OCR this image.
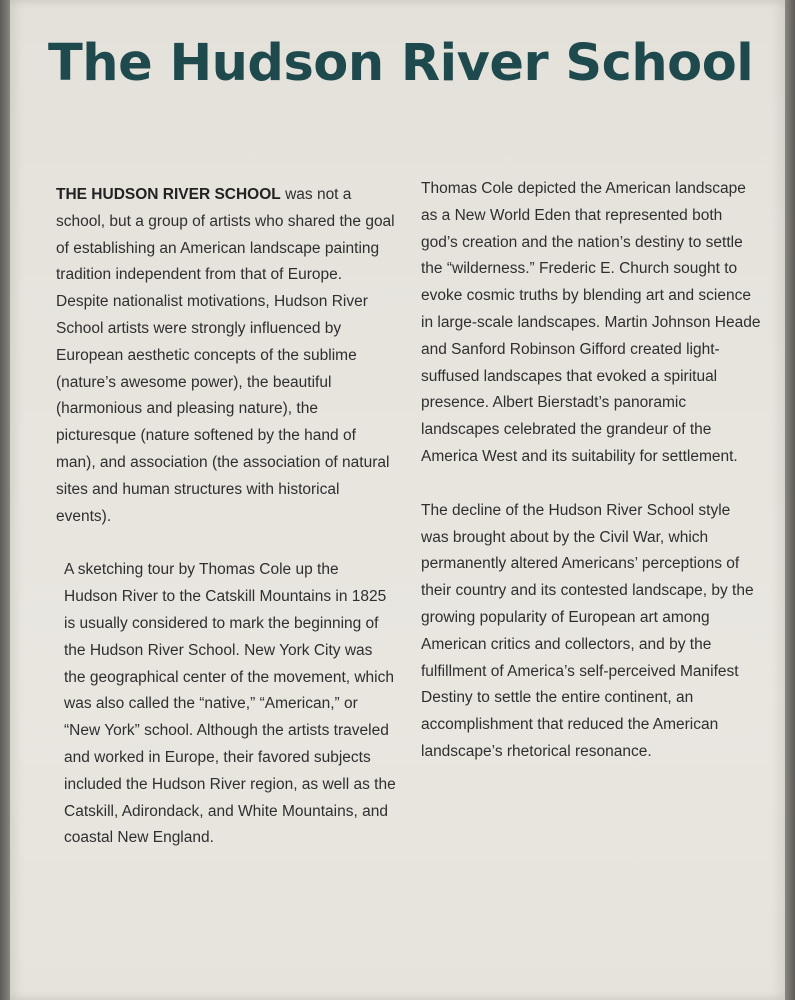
The Hudson River School

THE HUDSON RIVER SCHOOL was not a school, but a group of artists who shared the goal of establishing an American landscape painting tradition independent from that of Europe. Despite nationalist motivations, Hudson River School artists were strongly influenced by European aesthetic concepts of the sublime (nature’s awesome power), the beautiful (harmonious and pleasing nature), the picturesque (nature softened by the hand of man), and association (the association of natural sites and human structures with historical events).

A sketching tour by Thomas Cole up the Hudson River to the Catskill Mountains in 1825 is usually considered to mark the beginning of the Hudson River School. New York City was the geographical center of the movement, which was also called the “native,” “American,” or “New York” school. Although the artists traveled and worked in Europe, their favored subjects included the Hudson River region, as well as the Catskill, Adirondack, and White Mountains, and coastal New England.

Thomas Cole depicted the American landscape as a New World Eden that represented both god’s creation and the nation’s destiny to settle the “wilderness.” Frederic E. Church sought to evoke cosmic truths by blending art and science in large-scale landscapes. Martin Johnson Heade and Sanford Robinson Gifford created light-suffused landscapes that evoked a spiritual presence. Albert Bierstadt’s panoramic landscapes celebrated the grandeur of the America West and its suitability for settlement.

The decline of the Hudson River School style was brought about by the Civil War, which permanently altered Americans’ perceptions of their country and its contested landscape, by the growing popularity of European art among American critics and collectors, and by the fulfillment of America’s self-perceived Manifest Destiny to settle the entire continent, an accomplishment that reduced the American landscape’s rhetorical resonance.
